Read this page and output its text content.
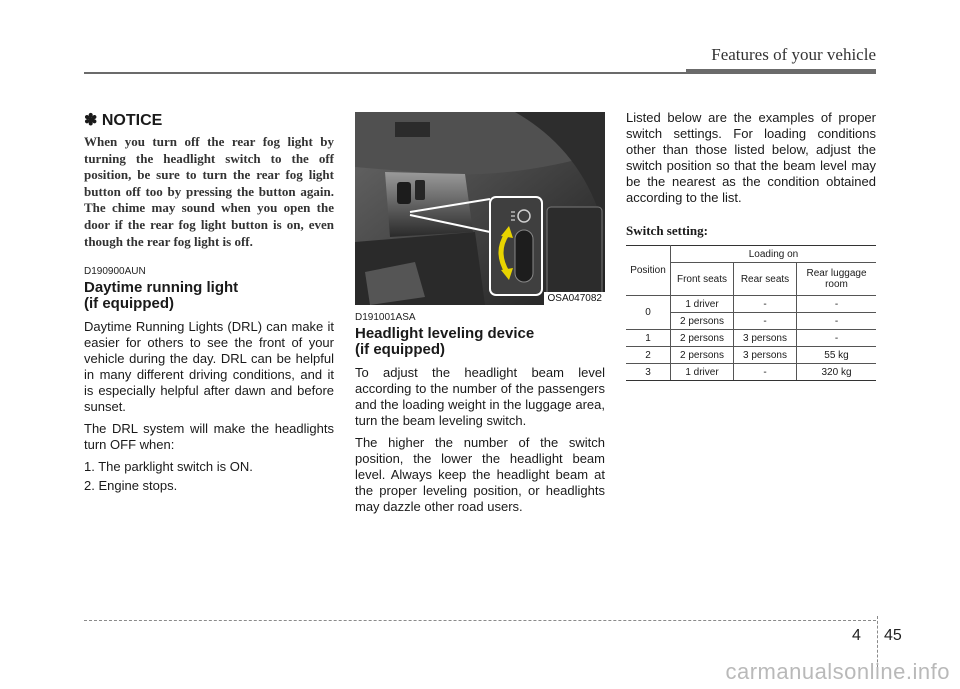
Features of your vehicle
✽ NOTICE

When you turn off the rear fog light by turning the headlight switch to the off position, be sure to turn the rear fog light button off too by pressing the button again. The chime may sound when you open the door if the rear fog light button is on, even though the rear fog light is off.

D190900AUN
Daytime running light
(if equipped)

Daytime Running Lights (DRL) can make it easier for others to see the front of your vehicle during the day. DRL can be helpful in many different driving conditions, and it is especially helpful after dawn and before sunset.

The DRL system will make the headlights turn OFF when:

1. The parklight switch is ON.
2. Engine stops.
OSA047082
D191001ASA
Headlight leveling device
(if equipped)

To adjust the headlight beam level according to the number of the passengers and the loading weight in the luggage area, turn the beam leveling switch.

The higher the number of the switch position, the lower the headlight beam level. Always keep the headlight beam at the proper leveling position, or headlights may dazzle other road users.

Listed below are the examples of proper switch settings. For loading conditions other than those listed below, adjust the switch position so that the beam level may be the nearest as the condition obtained according to the list.

Switch setting:
Position	Loading on		
	Front seats	Rear seats	Rear luggage
room

0	1 driver	-	-
	2 persons	-	-
1	2 persons	3 persons	-
2	2 persons	3 persons	55 kg
3	1 driver	-	320 kg
4 45
carmanualsonline.info
